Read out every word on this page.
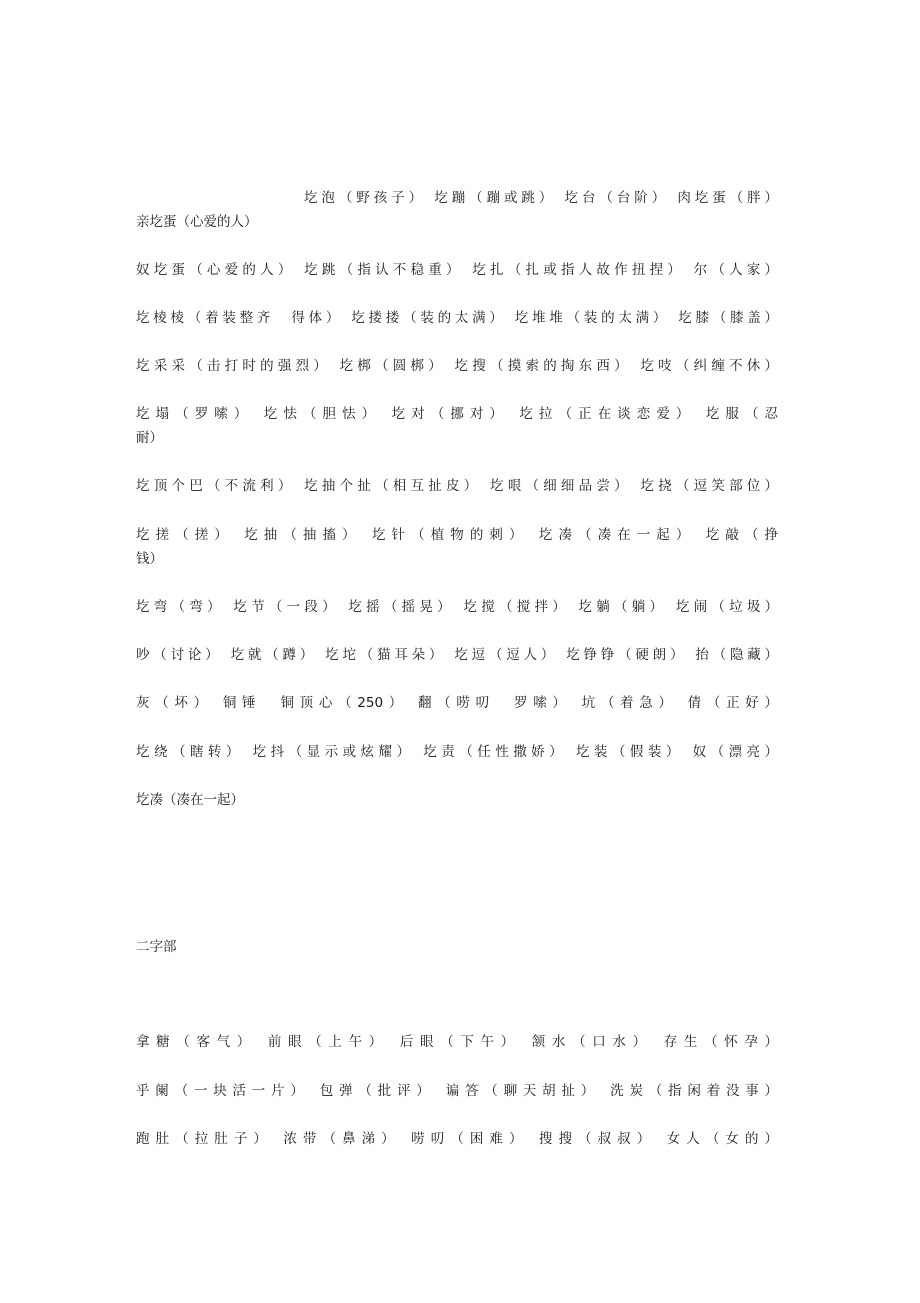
圪泡（野孩子） 圪蹦（蹦或跳） 圪台（台阶） 肉圪蛋（胖）
亲圪蛋（心爱的人）
奴圪蛋（心爱的人） 圪跳（指认不稳重） 圪扎（扎或指人故作扭捏） 尔（人家）
圪棱棱（着装整齐　得体） 圪搂搂（装的太满） 圪堆堆（装的太满） 圪膝（膝盖）
圪采采（击打时的强烈） 圪梆（圆梆） 圪搜（摸索的掏东西） 圪吱（纠缠不休）
圪塌（罗嗦） 圪怯（胆怯） 圪对（挪对） 圪拉（正在谈恋爱） 圪服（忍
耐）
圪顶个巴（不流利） 圪抽个扯（相互扯皮） 圪哏（细细品尝） 圪挠（逗笑部位）
圪搓（搓） 圪抽（抽搐） 圪针（植物的刺） 圪凑（凑在一起） 圪敲（挣
钱）
圪弯（弯） 圪节（一段） 圪摇（摇晃） 圪搅（搅拌） 圪躺（躺） 圪闹（垃圾）
吵（讨论） 圪就（蹲） 圪坨（猫耳朵） 圪逗（逗人） 圪铮铮（硬朗） 抬（隐藏）
灰（坏） 铜锤　铜顶心（250） 翻（唠叨　罗嗦） 坑（着急） 倩（正好）
圪绕（瞎转） 圪抖（显示或炫耀） 圪责（任性撒娇） 圪装（假装） 奴（漂亮）
圪凑（凑在一起）
二字部
拿糖（客气） 前眼（上午） 后眼（下午） 颔水（口水） 存生（怀孕）
乎阑（一块活一片） 包弹（批评） 谝答（聊天胡扯） 洗炭（指闲着没事）
跑肚（拉肚子） 浓带（鼻涕） 唠叨（困难） 搜搜（叔叔） 女人（女的）
